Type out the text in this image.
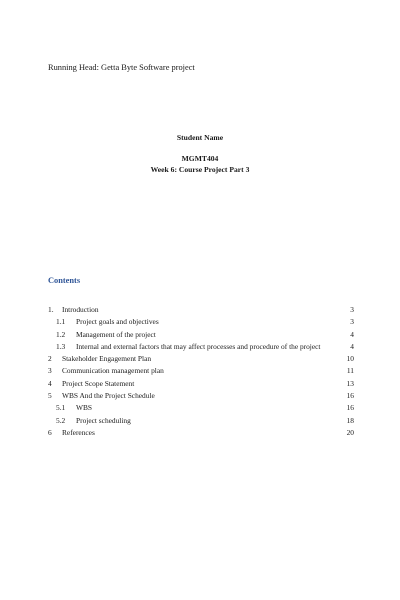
Running Head: Getta Byte Software project
Student Name
MGMT404
Week 6: Course Project Part 3
Contents
1. Introduction	3
1.1 Project goals and objectives	3
1.2 Management of the project	4
1.3 Internal and external factors that may affect processes and procedure of the project	4
2 Stakeholder Engagement Plan	10
3 Communication management plan	11
4 Project Scope Statement	13
5 WBS And the Project Schedule	16
5.1 WBS	16
5.2 Project scheduling	18
6 References	20
